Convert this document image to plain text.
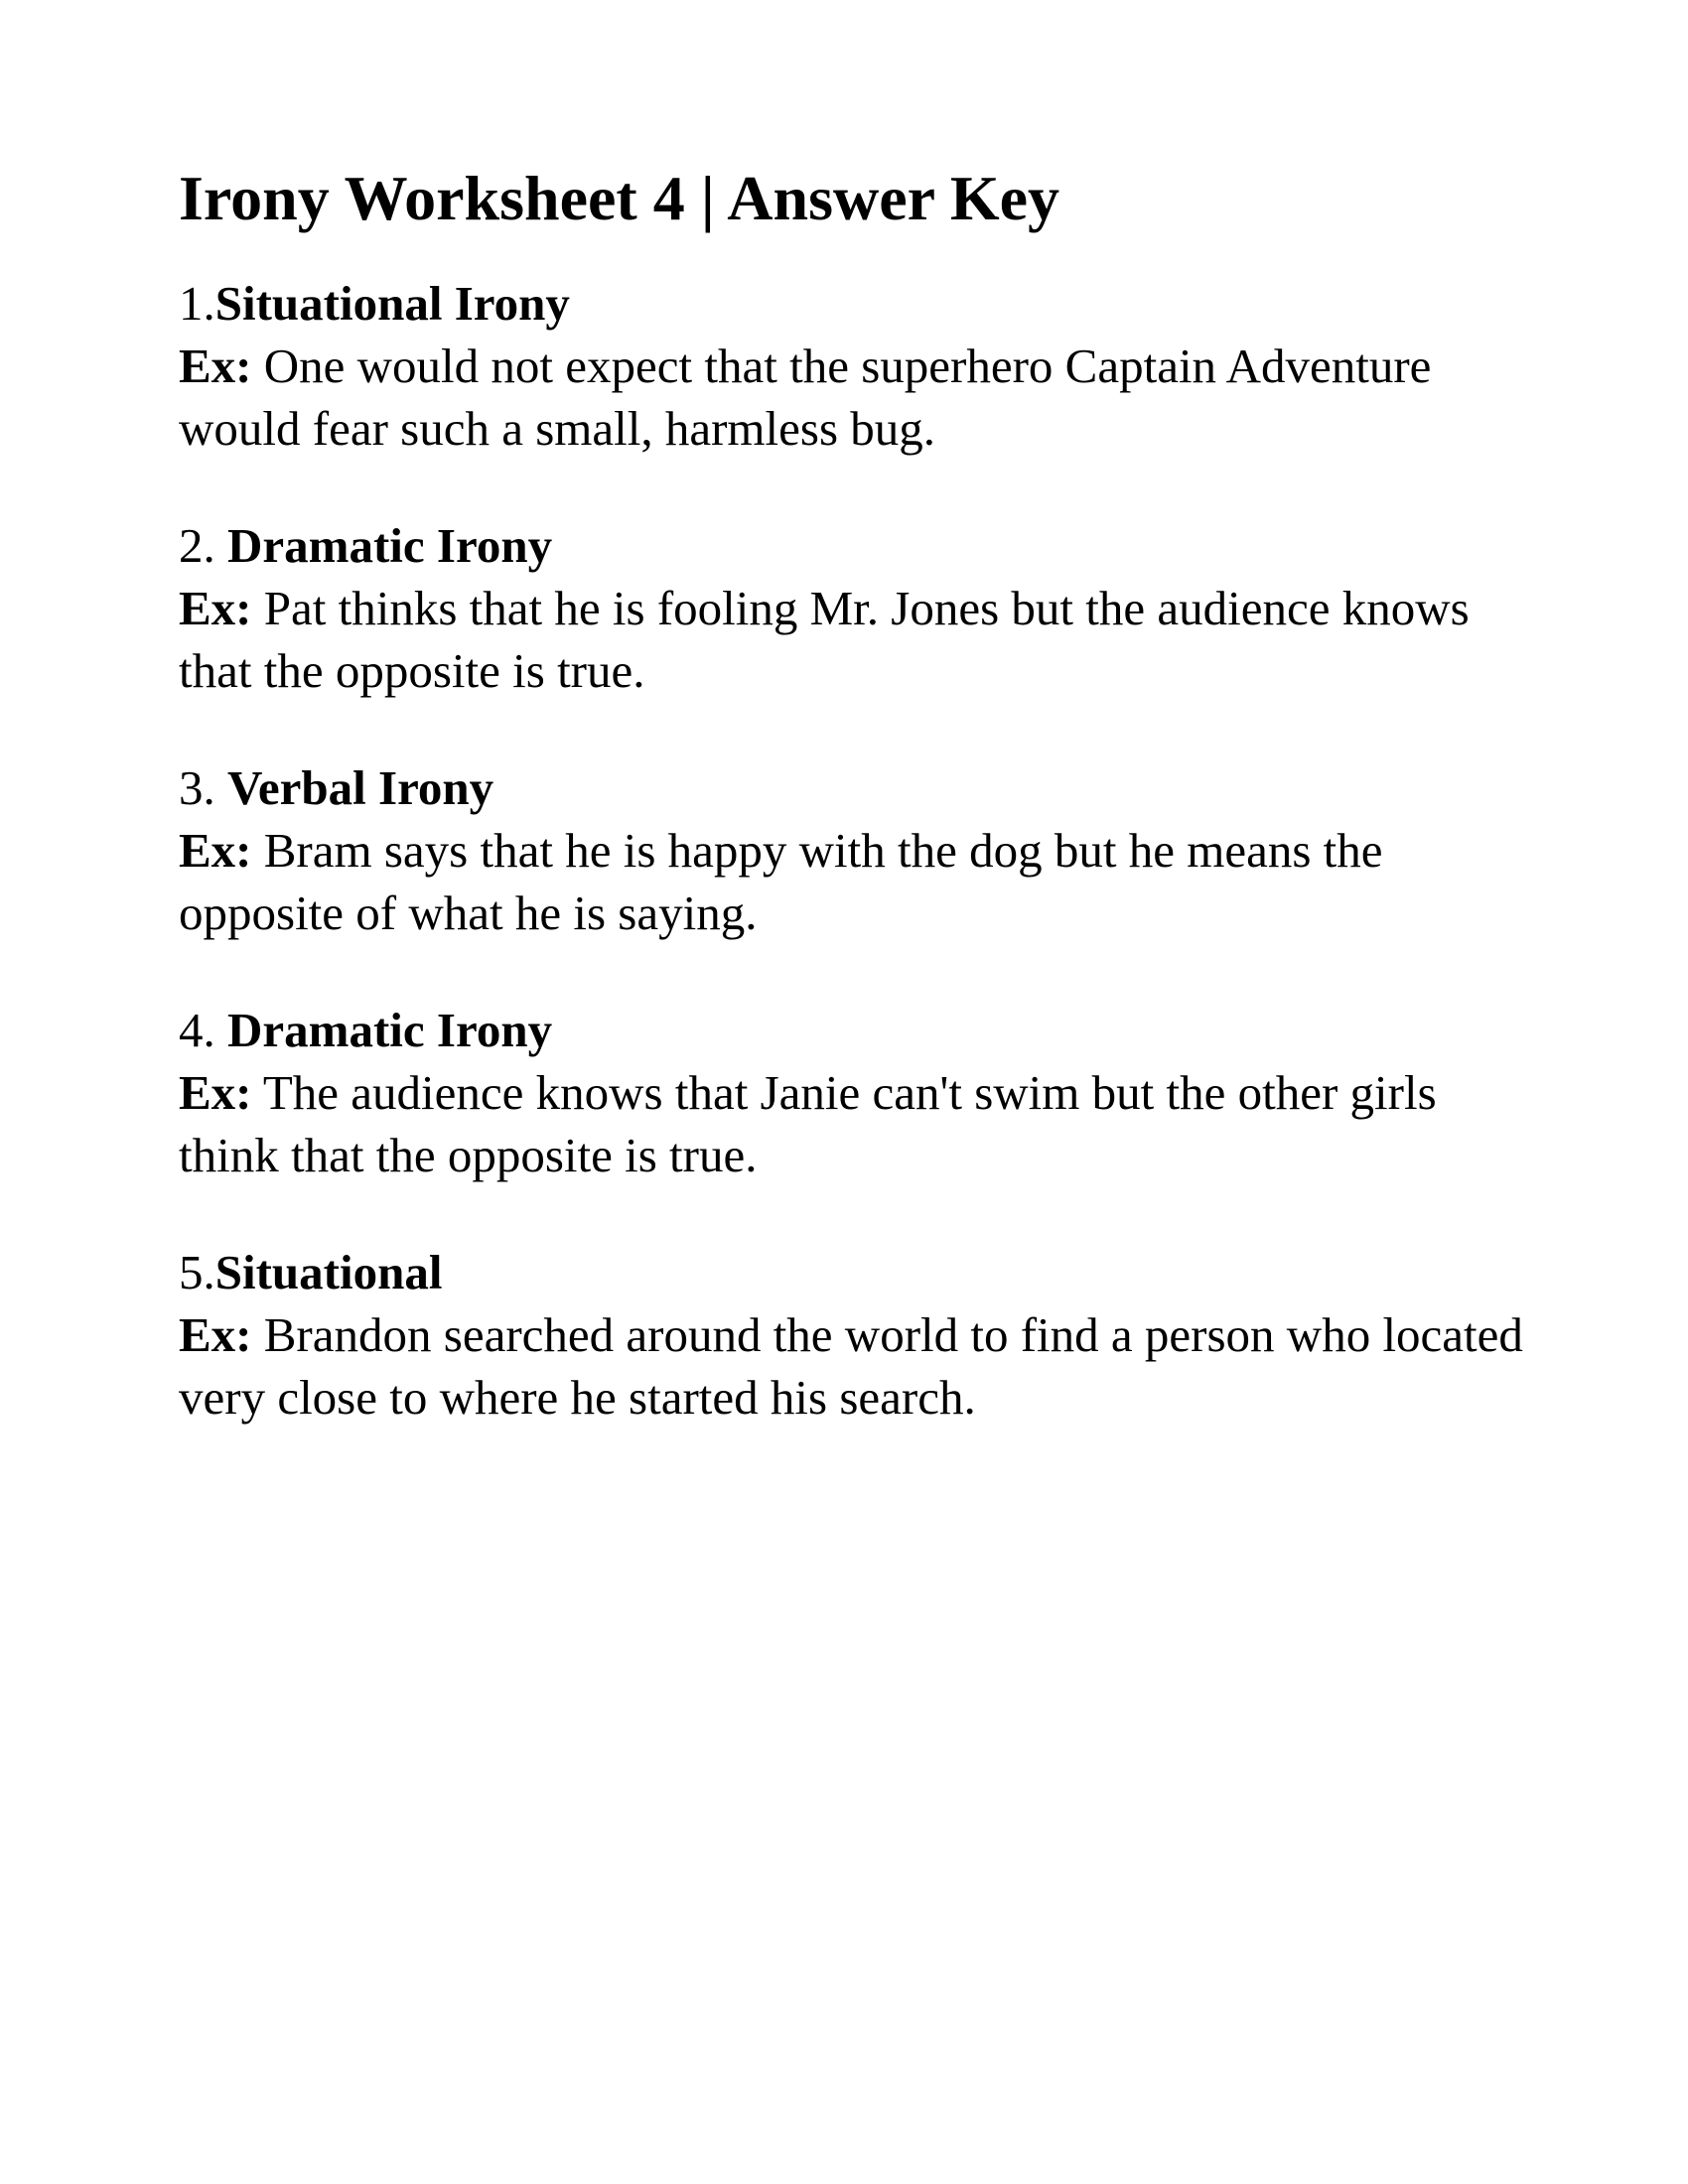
Irony Worksheet 4 | Answer Key
1.Situational Irony
Ex: One would not expect that the superhero Captain Adventure would fear such a small, harmless bug.
2. Dramatic Irony
Ex: Pat thinks that he is fooling Mr. Jones but the audience knows that the opposite is true.
3. Verbal Irony
Ex: Bram says that he is happy with the dog but he means the opposite of what he is saying.
4. Dramatic Irony
Ex: The audience knows that Janie can't swim but the other girls think that the opposite is true.
5.Situational
Ex: Brandon searched around the world to find a person who located very close to where he started his search.
